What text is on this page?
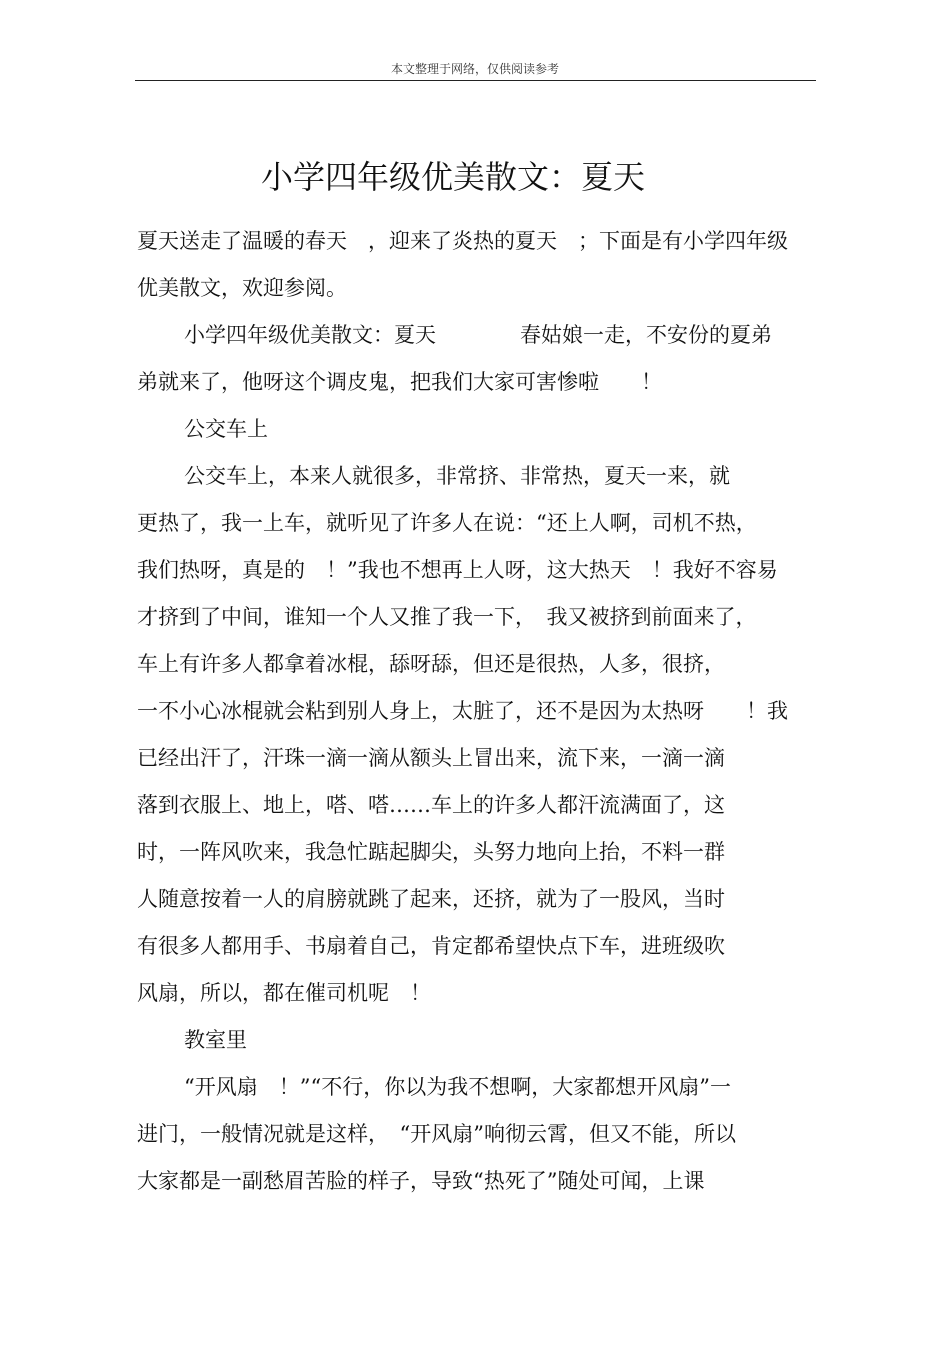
本文整理于网络，仅供阅读参考
小学四年级优美散文：夏天
夏天送走了温暖的春天　，迎来了炎热的夏天　；下面是有小学四年级
优美散文，欢迎参阅。
小学四年级优美散文：夏天　　　　春姑娘一走，不安份的夏弟
弟就来了，他呀这个调皮鬼，把我们大家可害惨啦　　！
公交车上
公交车上，本来人就很多，非常挤、非常热，夏天一来，就
更热了，我一上车，就听见了许多人在说：“还上人啊，司机不热，
我们热呀，真是的　！”我也不想再上人呀，这大热天　！我好不容易
才挤到了中间，谁知一个人又推了我一下，　我又被挤到前面来了，
车上有许多人都拿着冰棍，舔呀舔，但还是很热，人多，很挤，
一不小心冰棍就会粘到别人身上，太脏了，还不是因为太热呀　　！我
已经出汗了，汗珠一滴一滴从额头上冒出来，流下来，一滴一滴
落到衣服上、地上，嗒、嗒……车上的许多人都汗流满面了，这
时，一阵风吹来，我急忙踮起脚尖，头努力地向上抬，不料一群
人随意按着一人的肩膀就跳了起来，还挤，就为了一股风，当时
有很多人都用手、书扇着自己，肯定都希望快点下车，进班级吹
风扇，所以，都在催司机呢　！
教室里
“开风扇　！”“不行，你以为我不想啊，大家都想开风扇”一
进门，一般情况就是这样，　“开风扇”响彻云霄，但又不能，所以
大家都是一副愁眉苦脸的样子，导致“热死了”随处可闻，上课
